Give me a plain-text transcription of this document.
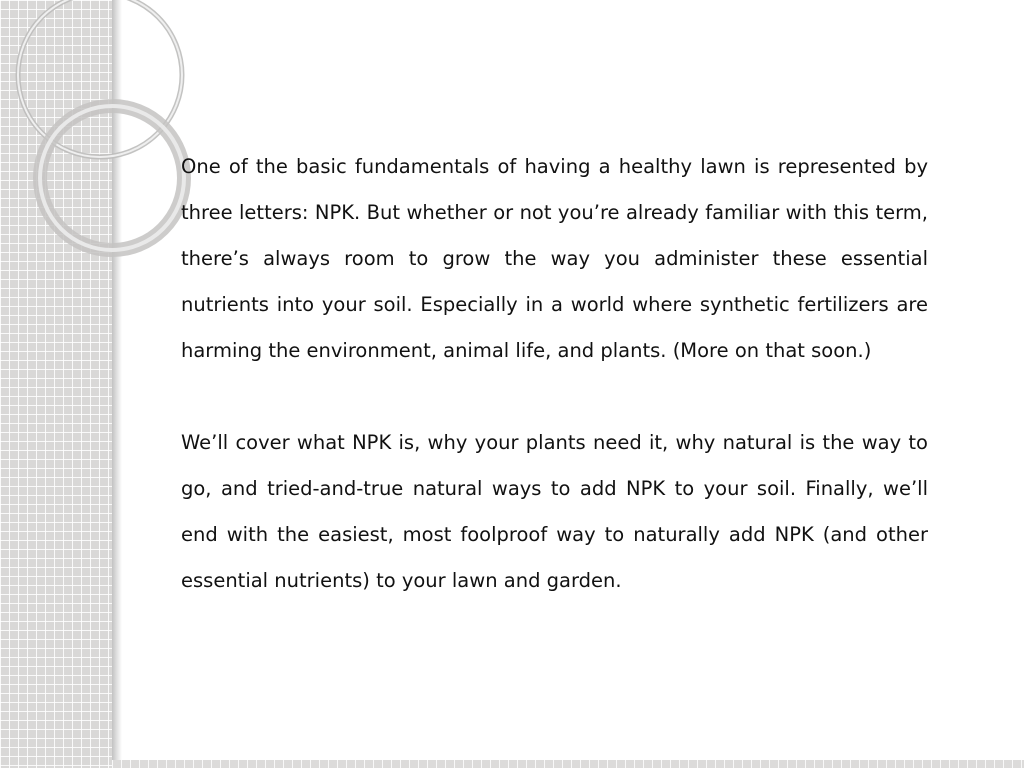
One of the basic fundamentals of having a healthy lawn is represented by three letters: NPK. But whether or not you’re already familiar with this term, there’s always room to grow the way you administer these essential nutrients into your soil. Especially in a world where synthetic fertilizers are harming the environment, animal life, and plants. (More on that soon.)

We’ll cover what NPK is, why your plants need it, why natural is the way to go, and tried-and-true natural ways to add NPK to your soil. Finally, we’ll end with the easiest, most foolproof way to naturally add NPK (and other essential nutrients) to your lawn and garden.
